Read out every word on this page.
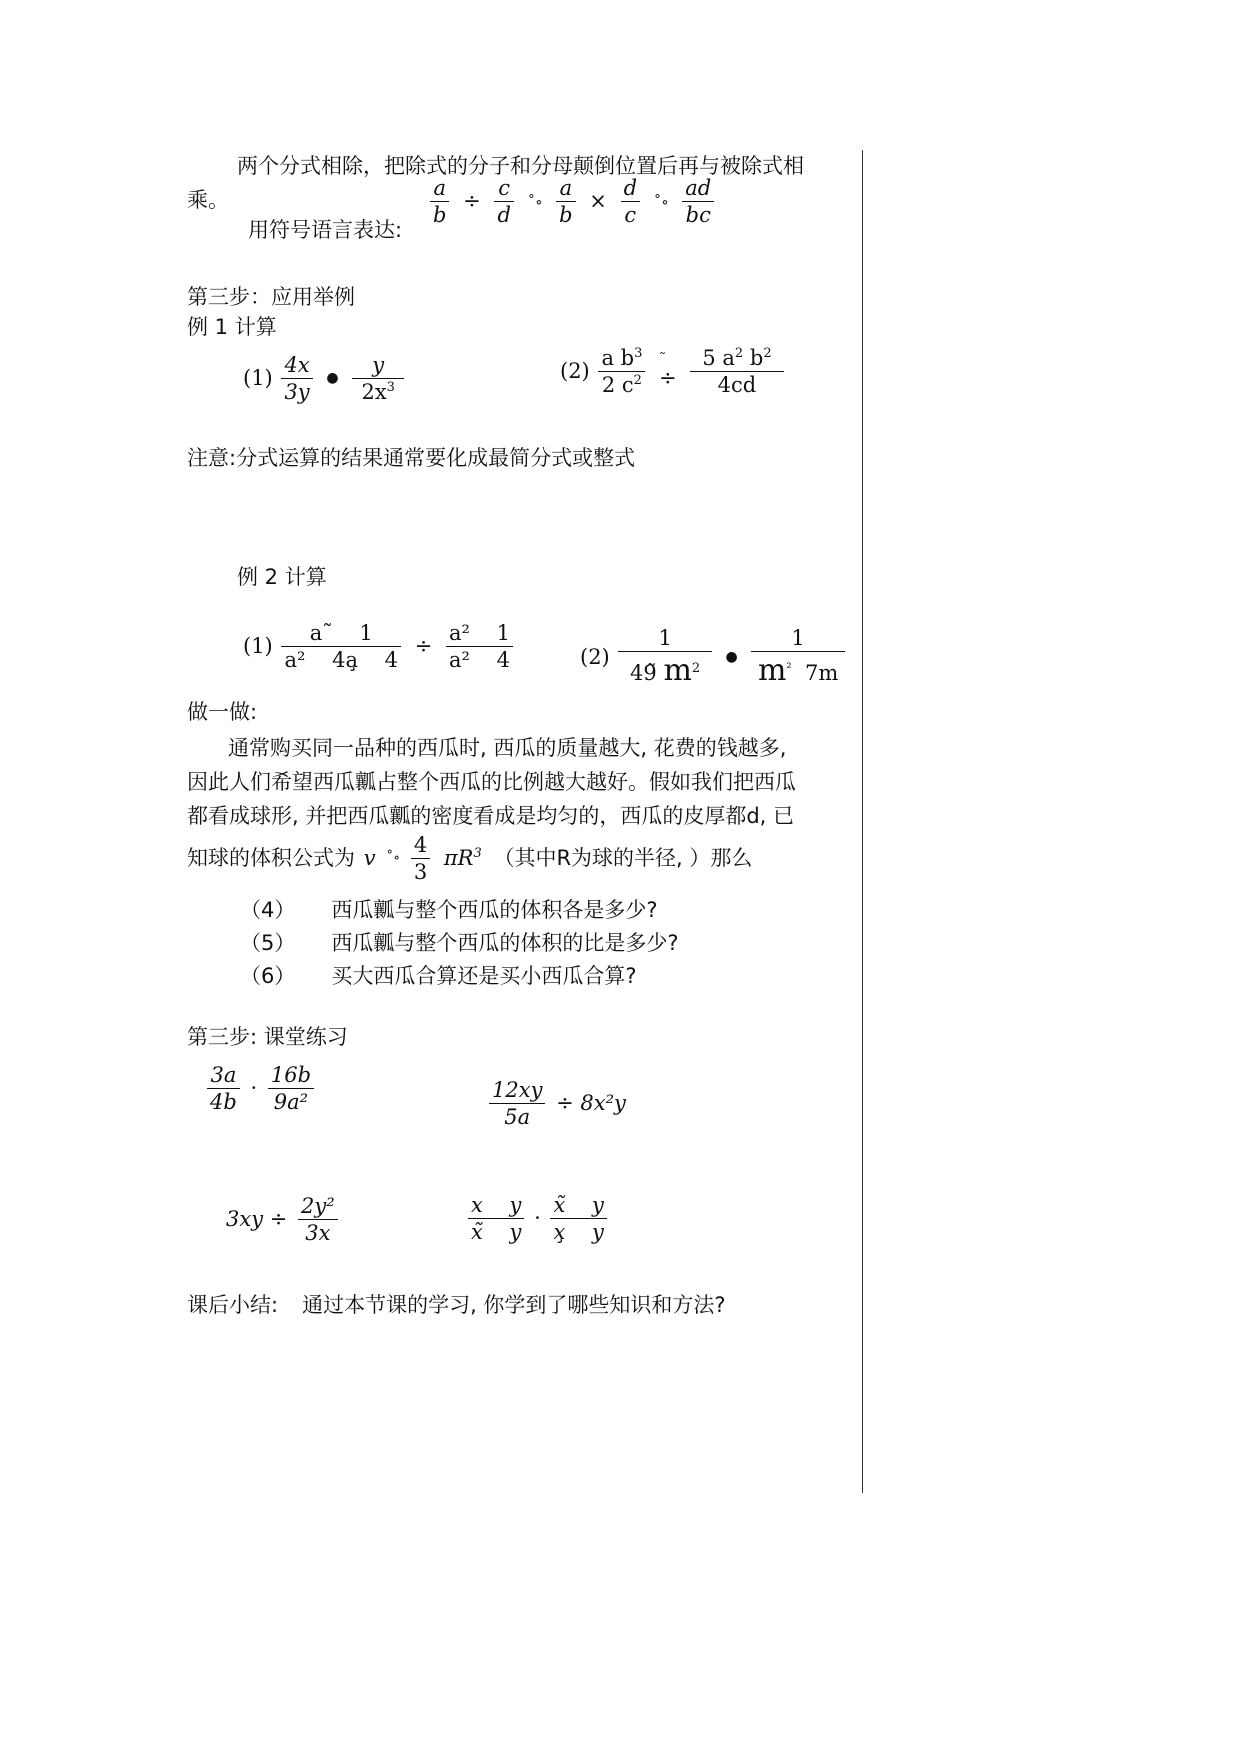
两个分式相除，把除式的分子和分母颠倒位置后再与被除式相
乘。
用符号语言表达:
$\frac{a}{b} \div \frac{c}{d}$ ˚∘ $\frac{a}{b} \times \frac{d}{c}$ ˚∘ $\frac{ad}{bc}$
第三步：应用举例
例 1 计算
$(1) \frac{4x}{3y}$ ● $\frac{y}{2x^3}$	$(2) \frac{a b^3}{2 c^2}$
˜
÷ $\frac{5 a^2 b^2}{4cd}$
注意:分式运算的结果通常要化成最简分式或整式
例 2 计算
$(1) \frac{a˜ 1}{\text{a²    4a̧    4}} \div \frac{\text{a²    1}}{\text{a²    4}}$	$(2) \frac{1}{49̃ m^2}$ ● $\frac{1}{m^{^2} 7m}$
做一做:
通常购买同一品种的西瓜时, 西瓜的质量越大, 花费的钱越多,
因此人们希望西瓜瓤占整个西瓜的比例越大越好。假如我们把西瓜
都看成球形, 并把西瓜瓤的密度看成是均匀的，西瓜的皮厚都d, 已
知球的体积公式为 v ˚∘ $\frac{4}{3} \pi R^3$ （其中R为球的半径, ）那么
（4） 西瓜瓤与整个西瓜的体积各是多少?
（5） 西瓜瓤与整个西瓜的体积的比是多少?
（6） 买大西瓜合算还是买小西瓜合算?
第三步: 课堂练习
$\frac{3a}{4b} \cdot \frac{16b}{\text{9a²}}$	$\frac{12xy}{5a} \div 8x^2y$
$3xy \div \frac{\text{2y²}}{3x}$	$\frac{\text{x    y}}{x̃ y} \cdot \frac{x̃ y}{x̧ y}$
课后小结: 通过本节课的学习, 你学到了哪些知识和方法?
